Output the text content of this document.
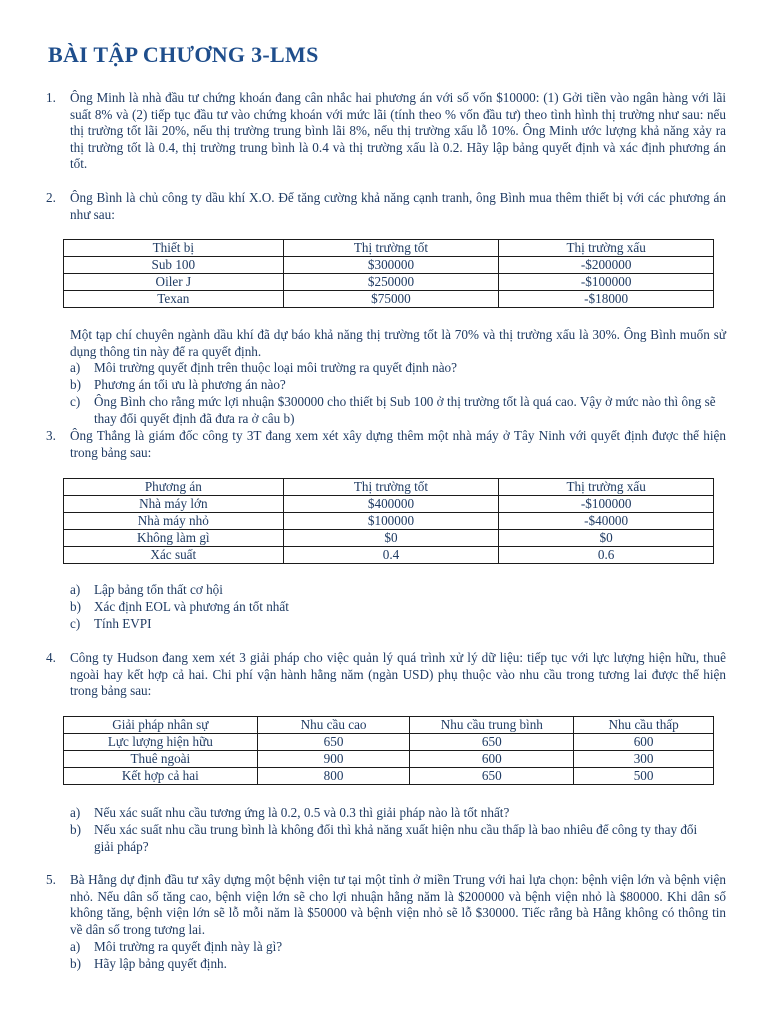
BÀI TẬP CHƯƠNG 3-LMS
1. Ông Minh là nhà đầu tư chứng khoán đang cân nhắc hai phương án với số vốn $10000: (1) Gởi tiền vào ngân hàng với lãi suất 8% và (2) tiếp tục đầu tư vào chứng khoán với mức lãi (tính theo % vốn đầu tư) theo tình hình thị trường như sau: nếu thị trường tốt lãi 20%, nếu thị trường trung bình lãi 8%, nếu thị trường xấu lỗ 10%. Ông Minh ước lượng khả năng xảy ra thị trường tốt là 0.4, thị trường trung bình là 0.4 và thị trường xấu là 0.2. Hãy lập bảng quyết định và xác định phương án tốt.
2. Ông Bình là chủ công ty dầu khí X.O. Để tăng cường khả năng cạnh tranh, ông Bình mua thêm thiết bị với các phương án như sau:
Thiết bị	Thị trường tốt	Thị trường xấu
Sub 100	$300000	-$200000
Oiler J	$250000	-$100000
Texan	$75000	-$18000
Một tạp chí chuyên ngành dầu khí đã dự báo khả năng thị trường tốt là 70% và thị trường xấu là 30%. Ông Bình muốn sử dụng thông tin này để ra quyết định.
a) Môi trường quyết định trên thuộc loại môi trường ra quyết định nào?
b) Phương án tối ưu là phương án nào?
c) Ông Bình cho rằng mức lợi nhuận $300000 cho thiết bị Sub 100 ở thị trường tốt là quá cao. Vậy ở mức nào thì ông sẽ thay đổi quyết định đã đưa ra ở câu b)
3. Ông Thắng là giám đốc công ty 3T đang xem xét xây dựng thêm một nhà máy ở Tây Ninh với quyết định được thể hiện trong bảng sau:
Phương án	Thị trường tốt	Thị trường xấu
Nhà máy lớn	$400000	-$100000
Nhà máy nhỏ	$100000	-$40000
Không làm gì	$0	$0
Xác suất	0.4	0.6
a) Lập bảng tổn thất cơ hội
b) Xác định EOL và phương án tốt nhất
c) Tính EVPI
4. Công ty Hudson đang xem xét 3 giải pháp cho việc quản lý quá trình xử lý dữ liệu: tiếp tục với lực lượng hiện hữu, thuê ngoài hay kết hợp cả hai. Chi phí vận hành hằng năm (ngàn USD) phụ thuộc vào nhu cầu trong tương lai được thể hiện trong bảng sau:
Giải pháp nhân sự	Nhu cầu cao	Nhu cầu trung bình	Nhu cầu thấp
Lực lượng hiện hữu	650	650	600
Thuê ngoài	900	600	300
Kết hợp cả hai	800	650	500
a) Nếu xác suất nhu cầu tương ứng là 0.2, 0.5 và 0.3 thì giải pháp nào là tốt nhất?
b) Nếu xác suất nhu cầu trung bình là không đổi thì khả năng xuất hiện nhu cầu thấp là bao nhiêu để công ty thay đổi giải pháp?
5. Bà Hằng dự định đầu tư xây dựng một bệnh viện tư tại một tỉnh ở miền Trung với hai lựa chọn: bệnh viện lớn và bệnh viện nhỏ. Nếu dân số tăng cao, bệnh viện lớn sẽ cho lợi nhuận hằng năm là $200000 và bệnh viện nhỏ là $80000. Khi dân số không tăng, bệnh viện lớn sẽ lỗ mỗi năm là $50000 và bệnh viện nhỏ sẽ lỗ $30000. Tiếc rằng bà Hằng không có thông tin về dân số trong tương lai.
a) Môi trường ra quyết định này là gì?
b) Hãy lập bảng quyết định.
